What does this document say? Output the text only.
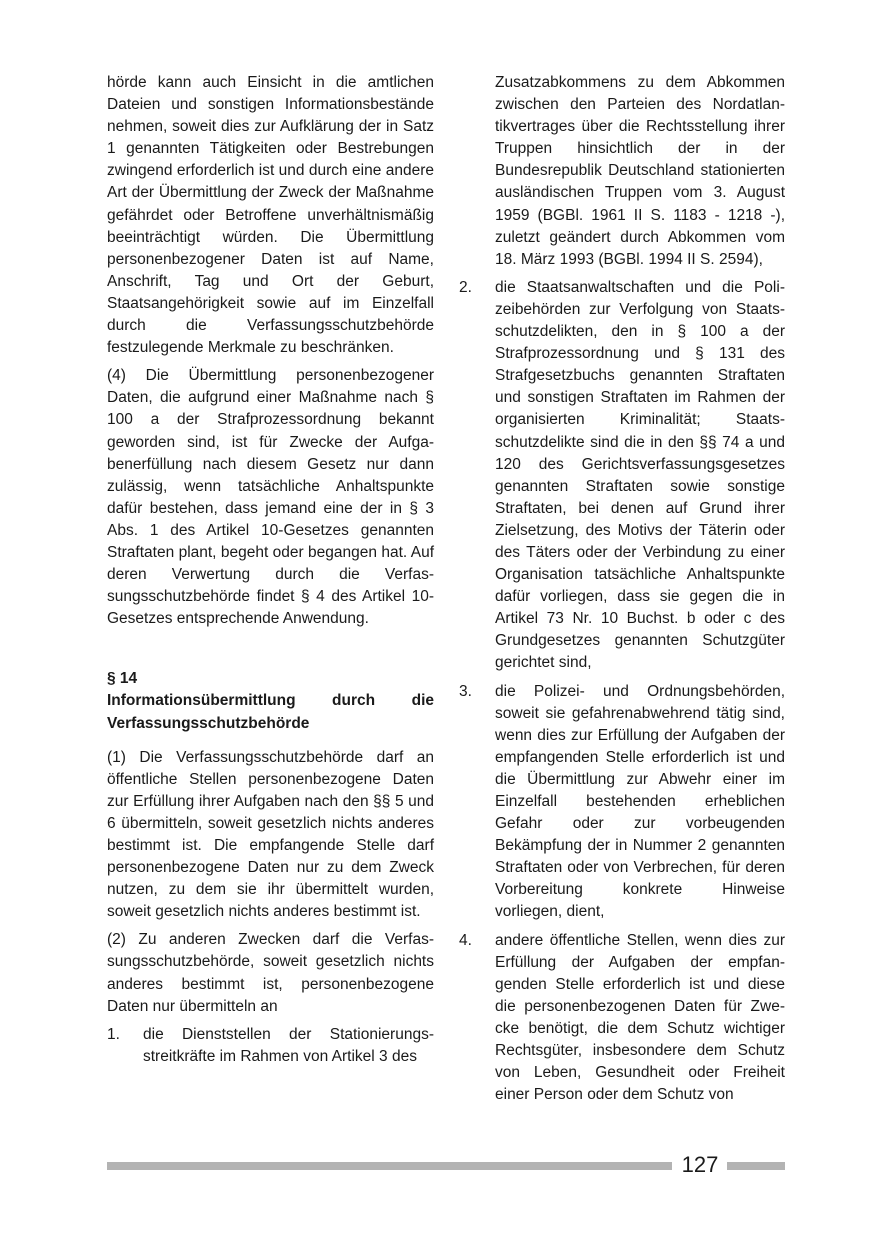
hörde kann auch Einsicht in die amtlichen Dateien und sonstigen Informationsbestände nehmen, soweit dies zur Aufklärung der in Satz 1 genannten Tätigkeiten oder Bestrebungen zwingend erforderlich ist und durch eine andere Art der Übermittlung der Zweck der Maßnahme gefährdet oder Betroffene unverhältnismäßig beeinträchtigt würden. Die Übermittlung personenbezogener Daten ist auf Name, Anschrift, Tag und Ort der Geburt, Staatsangehörigkeit sowie auf im Einzelfall durch die Verfassungsschutzbehörde festzulegende Merkmale zu beschränken.

(4) Die Übermittlung personenbezogener Daten, die aufgrund einer Maßnahme nach § 100 a der Strafprozessordnung bekannt geworden sind, ist für Zwecke der Aufgabenerfüllung nach diesem Gesetz nur dann zulässig, wenn tatsächliche Anhaltspunkte dafür bestehen, dass jemand eine der in § 3 Abs. 1 des Artikel 10-Gesetzes genannten Straftaten plant, begeht oder begangen hat. Auf deren Verwertung durch die Verfassungsschutzbehörde findet § 4 des Artikel 10-Gesetzes entsprechende Anwendung.

§ 14
Informationsübermittlung durch die Verfassungsschutzbehörde

(1) Die Verfassungsschutzbehörde darf an öffentliche Stellen personenbezogene Daten zur Erfüllung ihrer Aufgaben nach den §§ 5 und 6 übermitteln, soweit gesetzlich nichts anderes bestimmt ist. Die empfangende Stelle darf personenbezogene Daten nur zu dem Zweck nutzen, zu dem sie ihr übermittelt wurden, soweit gesetzlich nichts anderes bestimmt ist.

(2) Zu anderen Zwecken darf die Verfassungsschutzbehörde, soweit gesetzlich nichts anderes bestimmt ist, personenbezogene Daten nur übermitteln an

1.	die Dienststellen der Stationierungsstreitkräfte im Rahmen von Artikel 3 des

Zusatzabkommens zu dem Abkommen zwischen den Parteien des Nordatlantikvertrages über die Rechtsstellung ihrer Truppen hinsichtlich der in der Bundesrepublik Deutschland stationierten ausländischen Truppen vom 3. August 1959 (BGBl. 1961 II S. 1183 - 1218 -), zuletzt geändert durch Abkommen vom 18. März 1993 (BGBl. 1994 II S. 2594),

2.	die Staatsanwaltschaften und die Polizeibehörden zur Verfolgung von Staatsschutzdelikten, den in § 100 a der Strafprozessordnung und § 131 des Strafgesetzbuchs genannten Straftaten und sonstigen Straftaten im Rahmen der organisierten Kriminalität; Staatsschutzdelikte sind die in den §§ 74 a und 120 des Gerichtsverfassungsgesetzes genannten Straftaten sowie sonstige Straftaten, bei denen auf Grund ihrer Zielsetzung, des Motivs der Täterin oder des Täters oder der Verbindung zu einer Organisation tatsächliche Anhaltspunkte dafür vorliegen, dass sie gegen die in Artikel 73 Nr. 10 Buchst. b oder c des Grundgesetzes genannten Schutzgüter gerichtet sind,
3.	die Polizei- und Ordnungsbehörden, soweit sie gefahrenabwehrend tätig sind, wenn dies zur Erfüllung der Aufgaben der empfangenden Stelle erforderlich ist und die Übermittlung zur Abwehr einer im Einzelfall bestehenden erheblichen Gefahr oder zur vorbeugenden Bekämpfung der in Nummer 2 genannten Straftaten oder von Verbrechen, für deren Vorbereitung konkrete Hinweise vorliegen, dient,
4.	andere öffentliche Stellen, wenn dies zur Erfüllung der Aufgaben der empfangenden Stelle erforderlich ist und diese die personenbezogenen Daten für Zwecke benötigt, die dem Schutz wichtiger Rechtsgüter, insbesondere dem Schutz von Leben, Gesundheit oder Freiheit einer Person oder dem Schutz von
127
